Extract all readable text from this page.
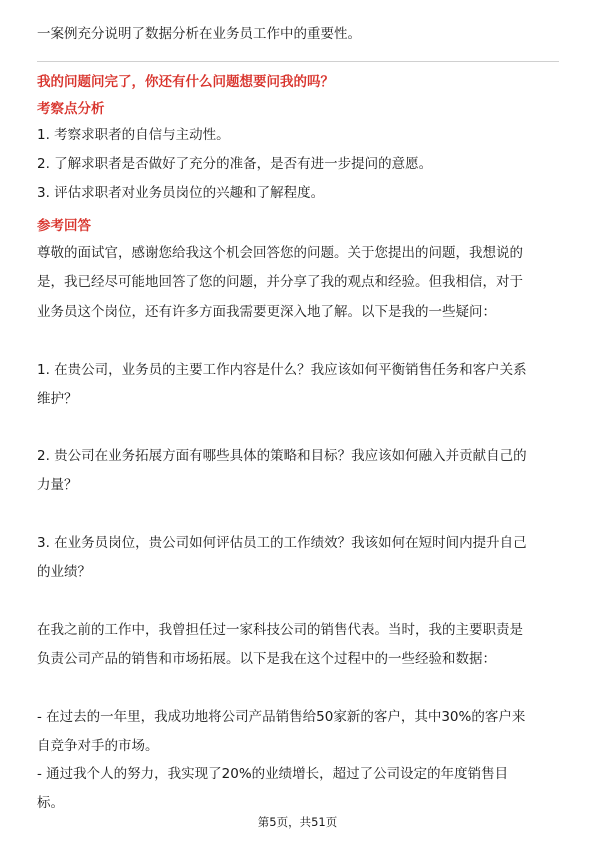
一案例充分说明了数据分析在业务员工作中的重要性。
我的问题问完了，你还有什么问题想要问我的吗？
考察点分析
1. 考察求职者的自信与主动性。
2. 了解求职者是否做好了充分的准备，是否有进一步提问的意愿。
3. 评估求职者对业务员岗位的兴趣和了解程度。
参考回答
尊敬的面试官，感谢您给我这个机会回答您的问题。关于您提出的问题，我想说的
是，我已经尽可能地回答了您的问题，并分享了我的观点和经验。但我相信，对于
业务员这个岗位，还有许多方面我需要更深入地了解。以下是我的一些疑问：
1. 在贵公司，业务员的主要工作内容是什么？我应该如何平衡销售任务和客户关系
维护？
2. 贵公司在业务拓展方面有哪些具体的策略和目标？我应该如何融入并贡献自己的
力量？
3. 在业务员岗位，贵公司如何评估员工的工作绩效？我该如何在短时间内提升自己
的业绩？
在我之前的工作中，我曾担任过一家科技公司的销售代表。当时，我的主要职责是
负责公司产品的销售和市场拓展。以下是我在这个过程中的一些经验和数据：
- 在过去的一年里，我成功地将公司产品销售给50家新的客户，其中30%的客户来
自竞争对手的市场。
- 通过我个人的努力，我实现了20%的业绩增长，超过了公司设定的年度销售目
标。
第5页，共51页
